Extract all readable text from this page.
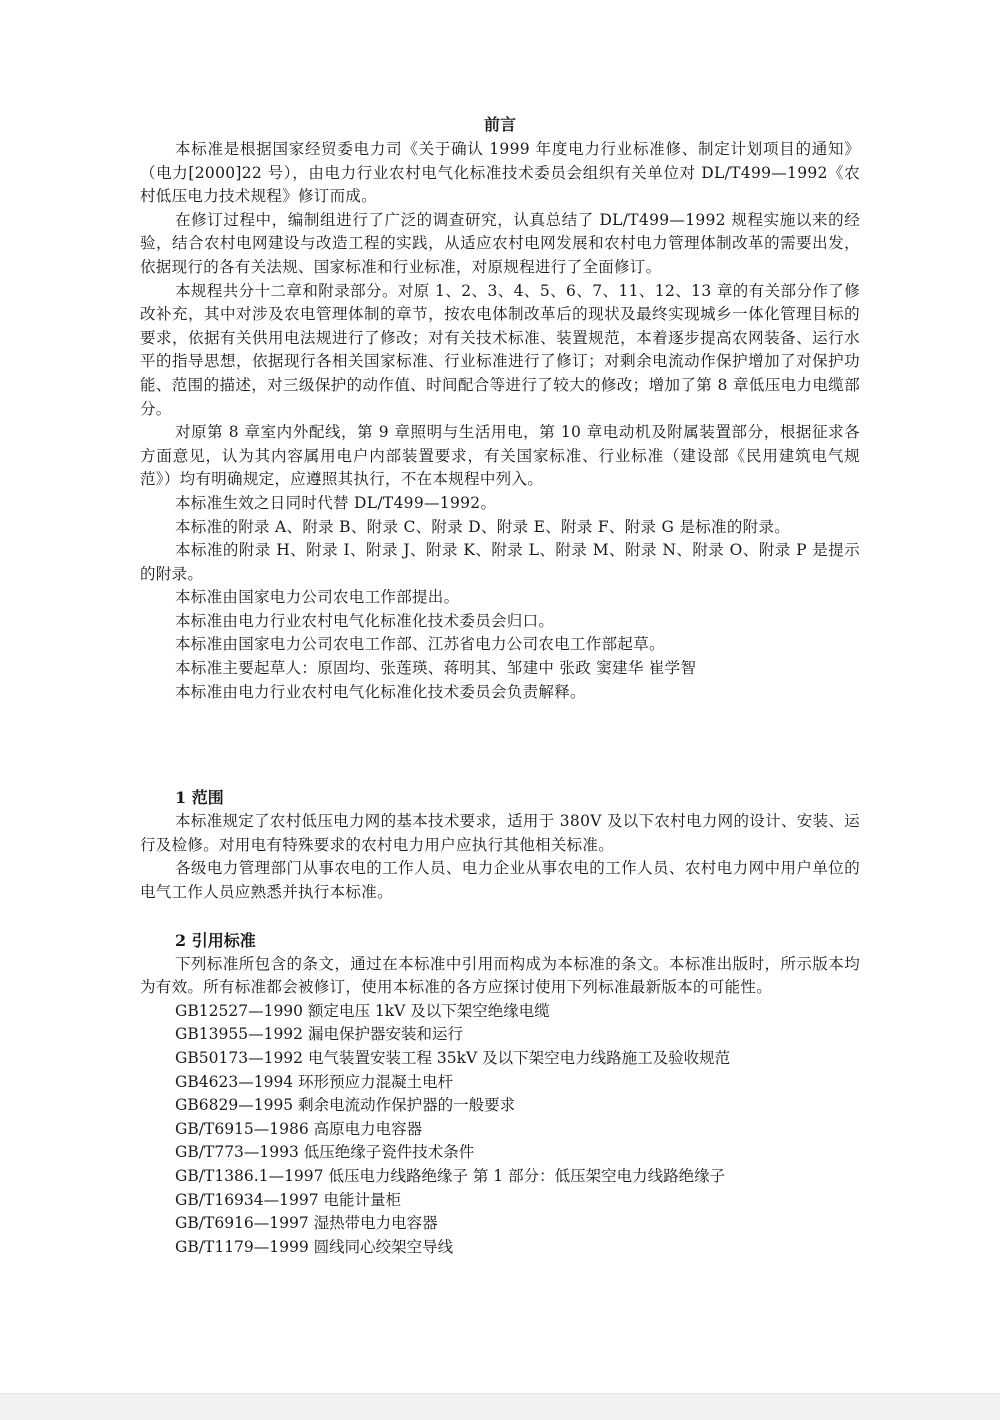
前言

本标准是根据国家经贸委电力司《关于确认 1999 年度电力行业标准修、制定计划项目的通知》（电力[2000]22 号），由电力行业农村电气化标准技术委员会组织有关单位对 DL/T499—1992《农村低压电力技术规程》修订而成。

在修订过程中，编制组进行了广泛的调查研究，认真总结了 DL/T499—1992 规程实施以来的经验，结合农村电网建设与改造工程的实践，从适应农村电网发展和农村电力管理体制改革的需要出发，依据现行的各有关法规、国家标准和行业标准，对原规程进行了全面修订。

本规程共分十二章和附录部分。对原 1、2、3、4、5、6、7、11、12、13 章的有关部分作了修改补充，其中对涉及农电管理体制的章节，按农电体制改革后的现状及最终实现城乡一体化管理目标的要求，依据有关供用电法规进行了修改；对有关技术标准、装置规范，本着逐步提高农网装备、运行水平的指导思想，依据现行各相关国家标准、行业标准进行了修订；对剩余电流动作保护增加了对保护功能、范围的描述，对三级保护的动作值、时间配合等进行了较大的修改；增加了第 8 章低压电力电缆部分。

对原第 8 章室内外配线，第 9 章照明与生活用电，第 10 章电动机及附属装置部分，根据征求各方面意见，认为其内容属用电户内部装置要求，有关国家标准、行业标准（建设部《民用建筑电气规范》）均有明确规定，应遵照其执行，不在本规程中列入。

本标准生效之日同时代替 DL/T499—1992。

本标准的附录 A、附录 B、附录 C、附录 D、附录 E、附录 F、附录 G 是标准的附录。

本标准的附录 H、附录 I、附录 J、附录 K、附录 L、附录 M、附录 N、附录 O、附录 P 是提示的附录。

本标准由国家电力公司农电工作部提出。

本标准由电力行业农村电气化标准化技术委员会归口。

本标准由国家电力公司农电工作部、江苏省电力公司农电工作部起草。

本标准主要起草人：原固均、张莲瑛、蒋明其、邹建中 张政 窦建华 崔学智

本标准由电力行业农村电气化标准化技术委员会负责解释。

1 范围

本标准规定了农村低压电力网的基本技术要求，适用于 380V 及以下农村电力网的设计、安装、运行及检修。对用电有特殊要求的农村电力用户应执行其他相关标准。

各级电力管理部门从事农电的工作人员、电力企业从事农电的工作人员、农村电力网中用户单位的电气工作人员应熟悉并执行本标准。

2 引用标准

下列标准所包含的条文，通过在本标准中引用而构成为本标准的条文。本标准出版时，所示版本均为有效。所有标准都会被修订，使用本标准的各方应探讨使用下列标准最新版本的可能性。

GB12527—1990 额定电压 1kV 及以下架空绝缘电缆
GB13955—1992 漏电保护器安装和运行
GB50173—1992 电气装置安装工程 35kV 及以下架空电力线路施工及验收规范
GB4623—1994 环形预应力混凝土电杆
GB6829—1995 剩余电流动作保护器的一般要求
GB/T6915—1986 高原电力电容器
GB/T773—1993 低压绝缘子瓷件技术条件
GB/T1386.1—1997 低压电力线路绝缘子 第 1 部分：低压架空电力线路绝缘子
GB/T16934—1997 电能计量柜
GB/T6916—1997 湿热带电力电容器
GB/T1179—1999 圆线同心绞架空导线
